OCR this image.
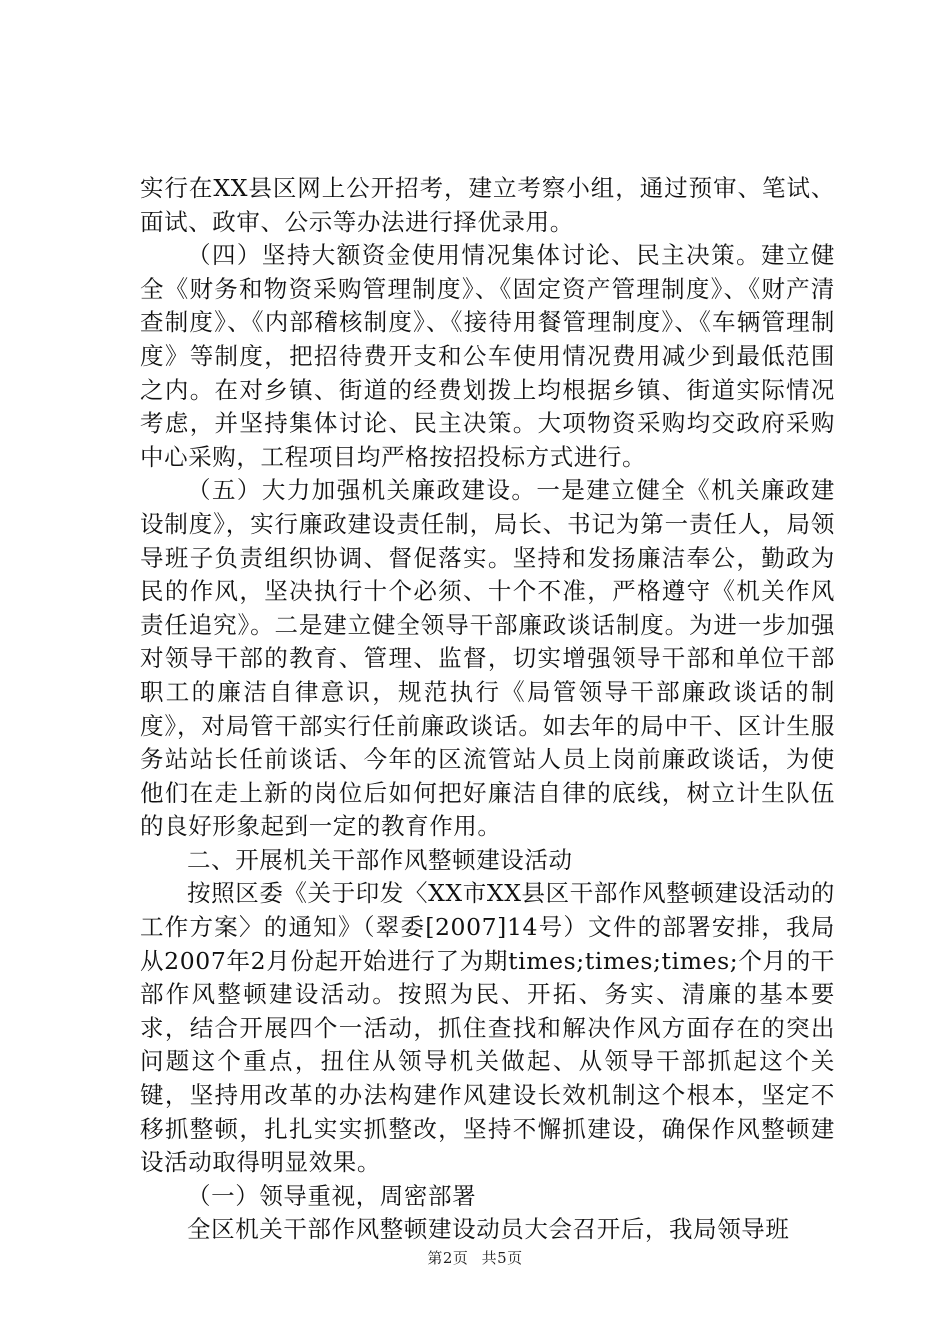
实行在XX县区网上公开招考，建立考察小组，通过预审、笔试、面试、政审、公示等办法进行择优录用。

（四）坚持大额资金使用情况集体讨论、民主决策。建立健全《财务和物资采购管理制度》、《固定资产管理制度》、《财产清查制度》、《内部稽核制度》、《接待用餐管理制度》、《车辆管理制度》等制度，把招待费开支和公车使用情况费用减少到最低范围之内。在对乡镇、街道的经费划拨上均根据乡镇、街道实际情况考虑，并坚持集体讨论、民主决策。大项物资采购均交政府采购中心采购，工程项目均严格按招投标方式进行。

（五）大力加强机关廉政建设。一是建立健全《机关廉政建设制度》，实行廉政建设责任制，局长、书记为第一责任人，局领导班子负责组织协调、督促落实。坚持和发扬廉洁奉公，勤政为民的作风，坚决执行十个必须、十个不准，严格遵守《机关作风责任追究》。二是建立健全领导干部廉政谈话制度。为进一步加强对领导干部的教育、管理、监督，切实增强领导干部和单位干部职工的廉洁自律意识，规范执行《局管领导干部廉政谈话的制度》，对局管干部实行任前廉政谈话。如去年的局中干、区计生服务站站长任前谈话、今年的区流管站人员上岗前廉政谈话，为使他们在走上新的岗位后如何把好廉洁自律的底线，树立计生队伍的良好形象起到一定的教育作用。

二、开展机关干部作风整顿建设活动

按照区委《关于印发〈XX市XX县区干部作风整顿建设活动的工作方案〉的通知》（翠委[2007]14号）文件的部署安排，我局从2007年2月份起开始进行了为期times;times;times;个月的干部作风整顿建设活动。按照为民、开拓、务实、清廉的基本要求，结合开展四个一活动，抓住查找和解决作风方面存在的突出问题这个重点，扭住从领导机关做起、从领导干部抓起这个关键，坚持用改革的办法构建作风建设长效机制这个根本，坚定不移抓整顿，扎扎实实抓整改，坚持不懈抓建设，确保作风整顿建设活动取得明显效果。

（一）领导重视，周密部署

全区机关干部作风整顿建设动员大会召开后，我局领导班

第2页 共5页
